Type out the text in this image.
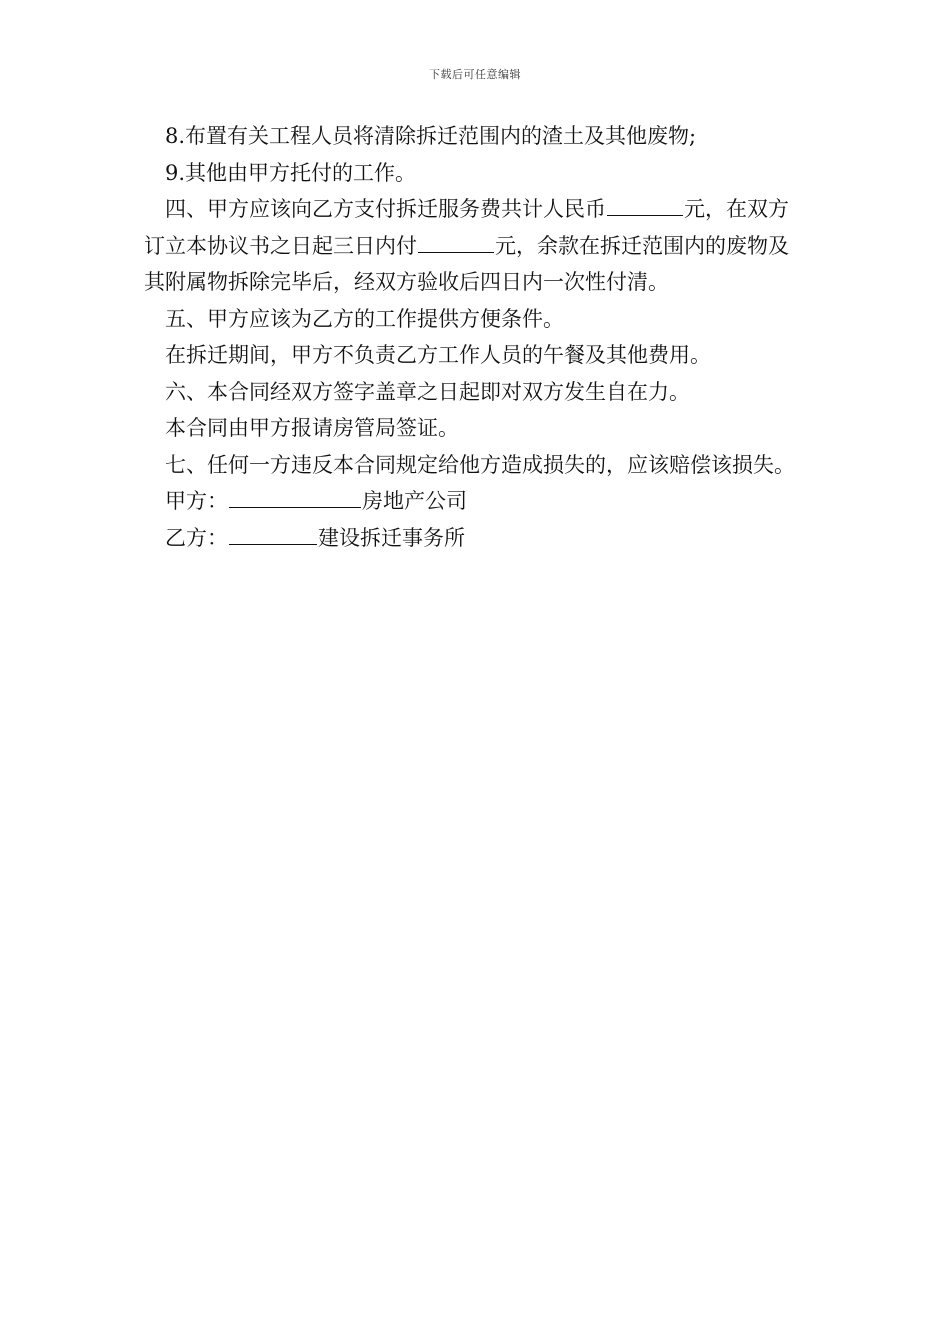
下载后可任意编辑

8.布置有关工程人员将清除拆迁范围内的渣土及其他废物;

9.其他由甲方托付的工作。

四、甲方应该向乙方支付拆迁服务费共计人民币	元，在双方订立本协议书之日起三日内付	元，余款在拆迁范围内的废物及其附属物拆除完毕后，经双方验收后四日内一次性付清。

五、甲方应该为乙方的工作提供方便条件。

在拆迁期间，甲方不负责乙方工作人员的午餐及其他费用。

六、本合同经双方签字盖章之日起即对双方发生自在力。

本合同由甲方报请房管局签证。

七、任何一方违反本合同规定给他方造成损失的，应该赔偿该损失。

甲方：	房地产公司

乙方：	建设拆迁事务所
